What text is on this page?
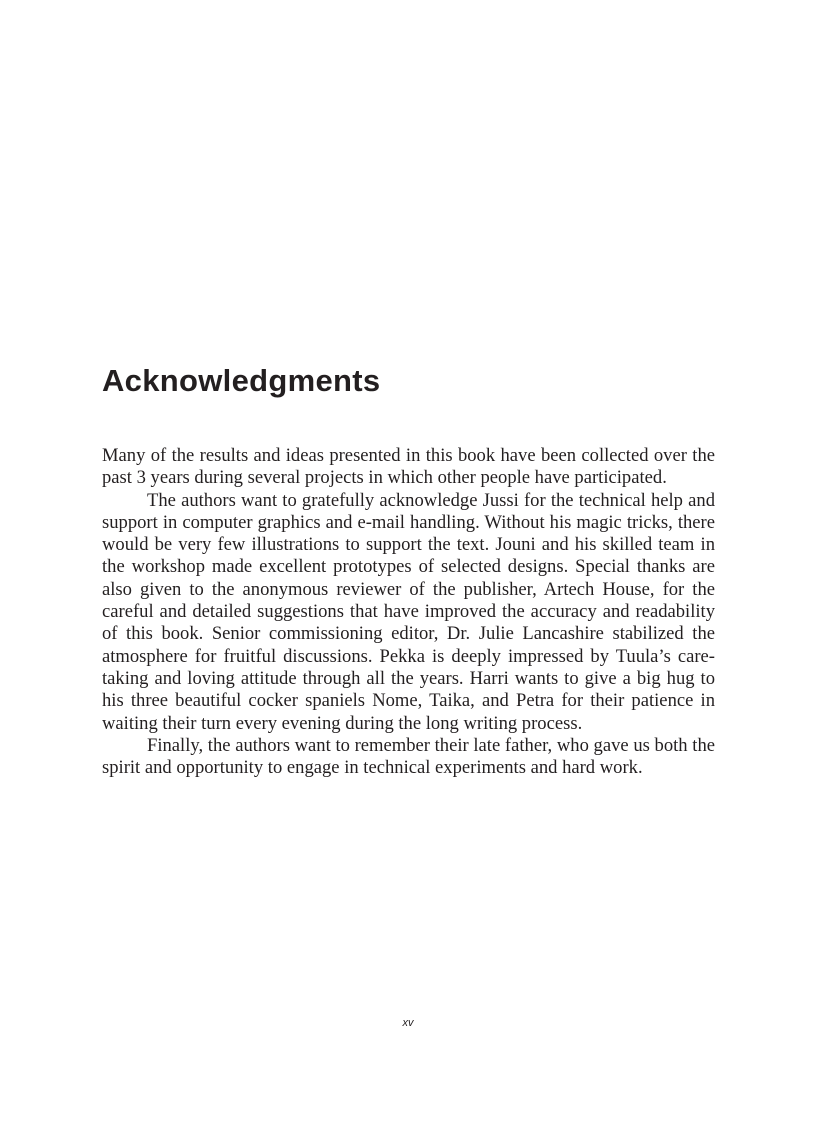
Acknowledgments

Many of the results and ideas presented in this book have been collected over the past 3 years during several projects in which other people have participated.

The authors want to gratefully acknowledge Jussi for the technical help and support in computer graphics and e-mail handling. Without his magic tricks, there would be very few illustrations to support the text. Jouni and his skilled team in the workshop made excellent prototypes of selected designs. Special thanks are also given to the anonymous reviewer of the publisher, Artech House, for the careful and detailed suggestions that have improved the accuracy and readability of this book. Senior commissioning editor, Dr. Julie Lancashire stabilized the atmosphere for fruitful discussions. Pekka is deeply impressed by Tuula’s care-taking and loving attitude through all the years. Harri wants to give a big hug to his three beautiful cocker spaniels Nome, Taika, and Petra for their patience in waiting their turn every evening during the long writing process.

Finally, the authors want to remember their late father, who gave us both the spirit and opportunity to engage in technical experiments and hard work.

xv
